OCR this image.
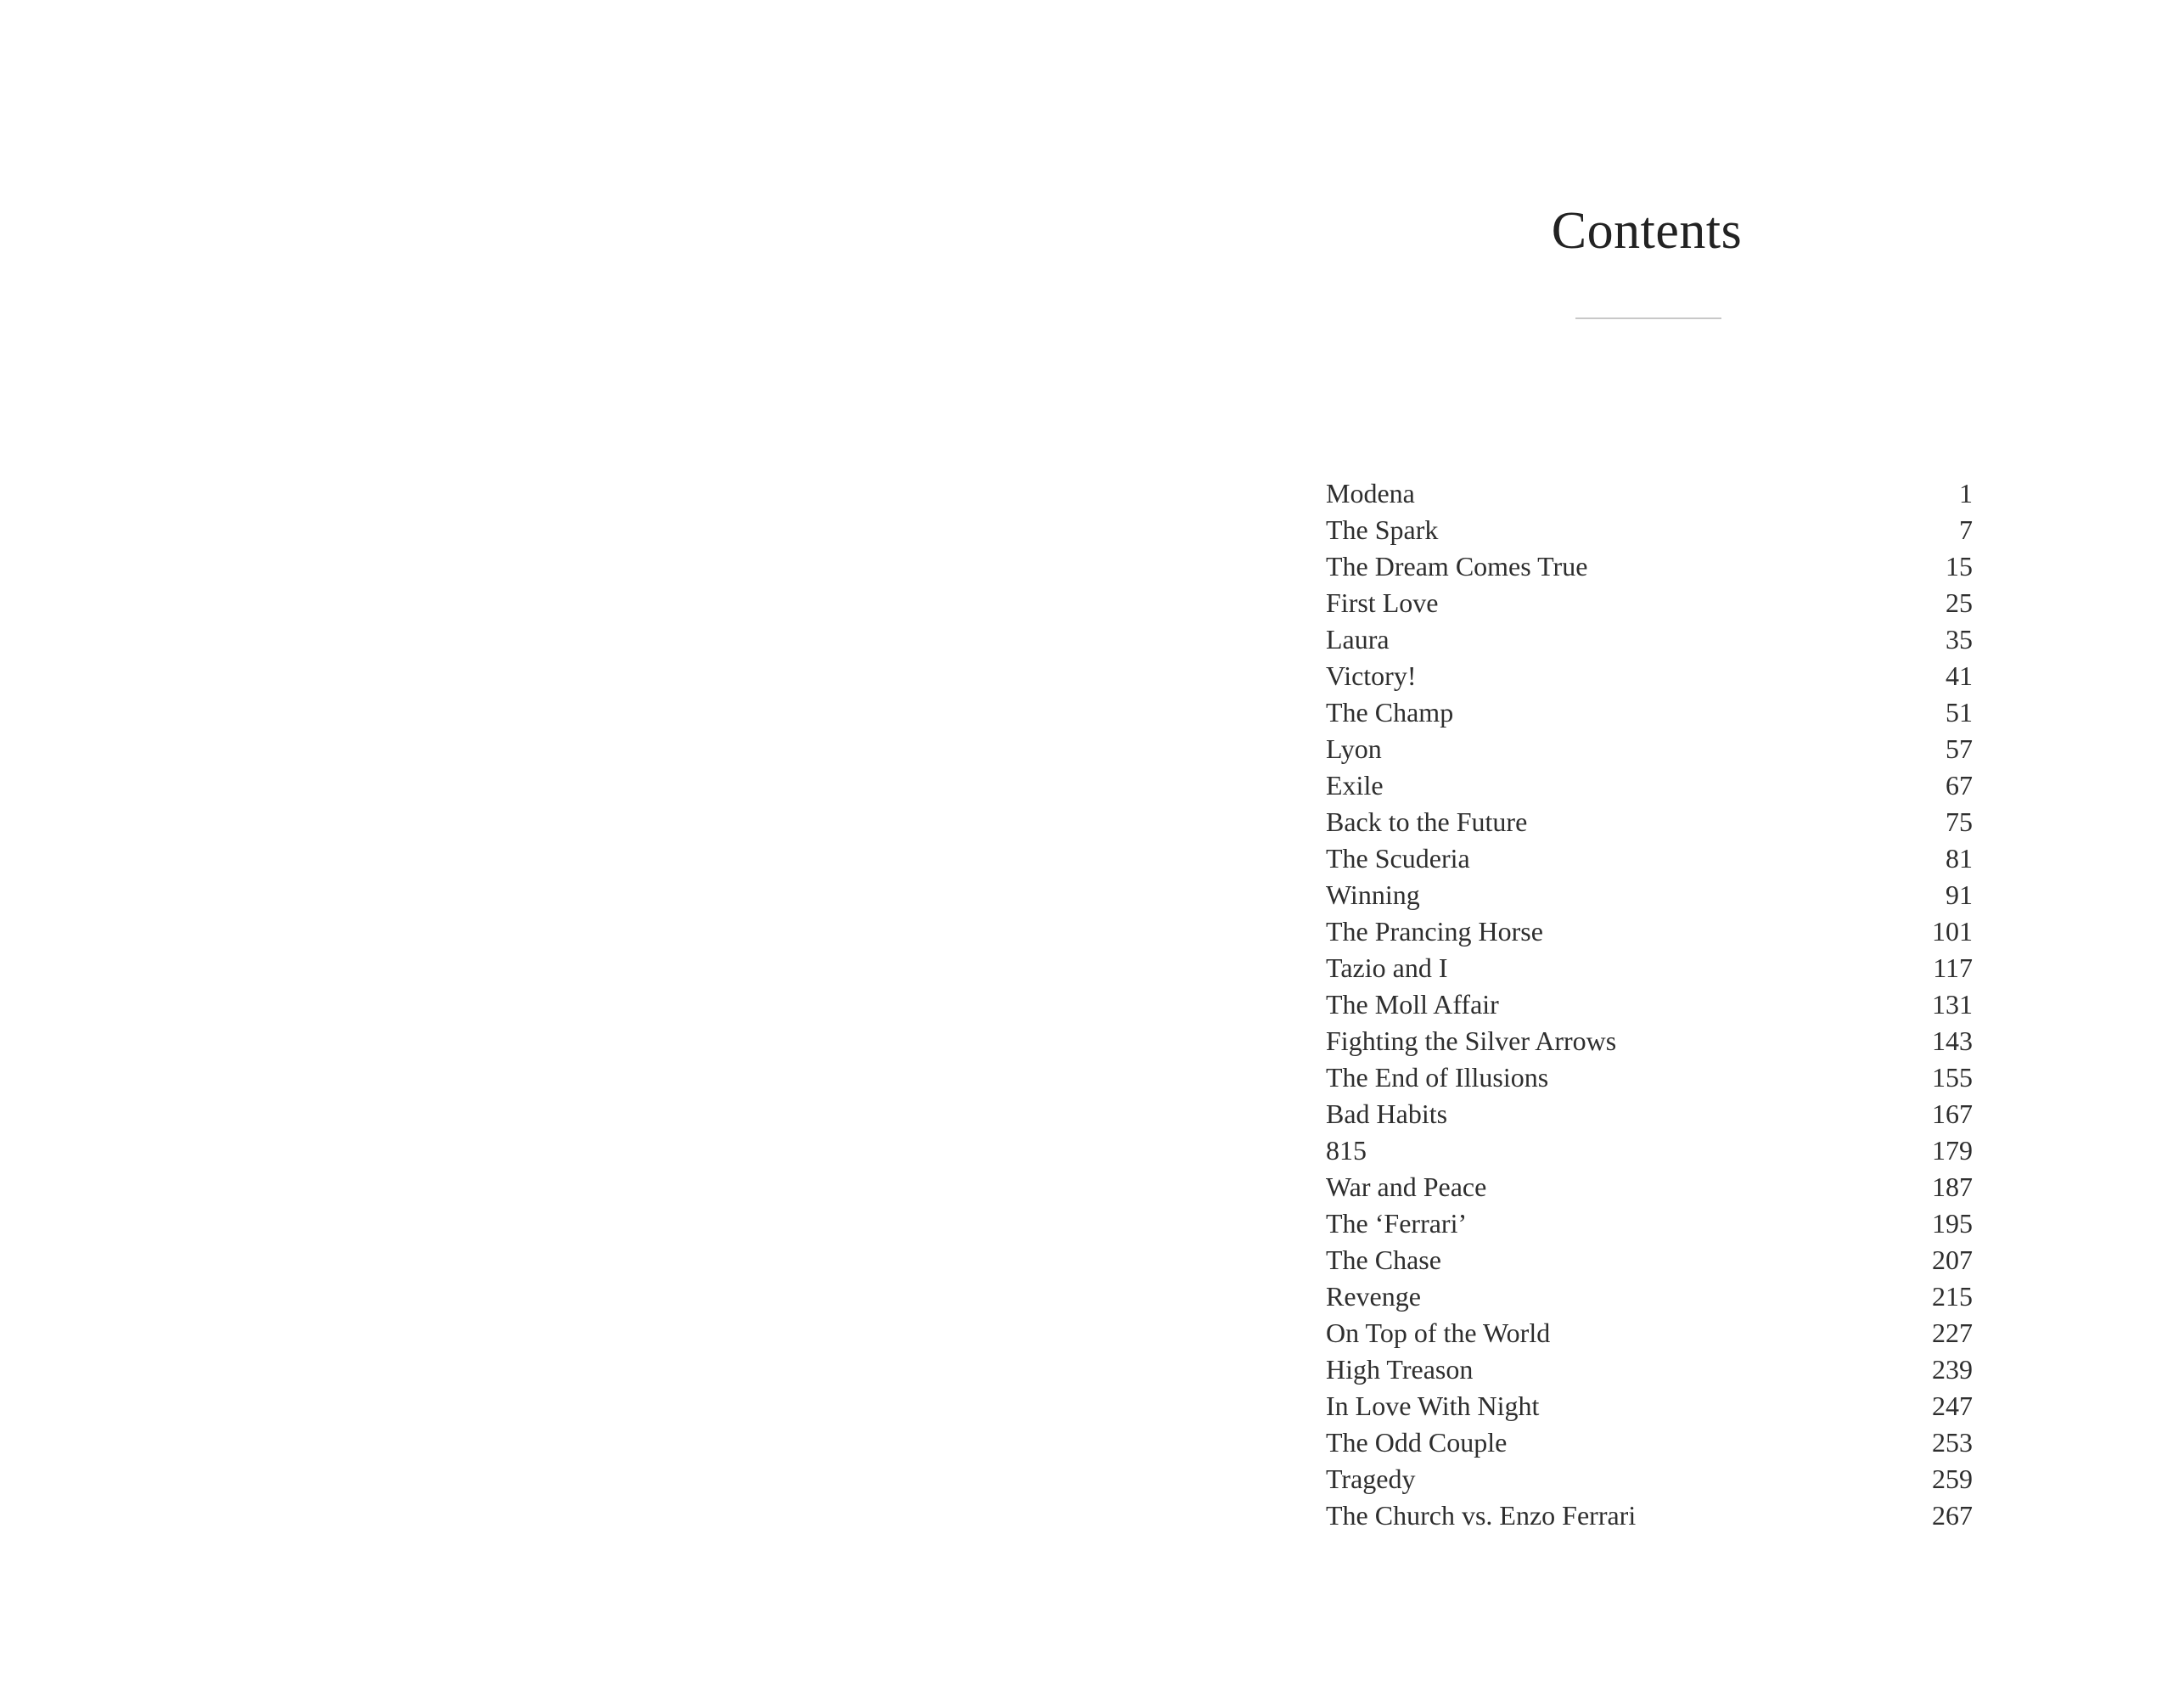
Contents
Modena	1
The Spark	7
The Dream Comes True	15
First Love	25
Laura	35
Victory!	41
The Champ	51
Lyon	57
Exile	67
Back to the Future	75
The Scuderia	81
Winning	91
The Prancing Horse	101
Tazio and I	117
The Moll Affair	131
Fighting the Silver Arrows	143
The End of Illusions	155
Bad Habits	167
815	179
War and Peace	187
The ‘Ferrari’	195
The Chase	207
Revenge	215
On Top of the World	227
High Treason	239
In Love With Night	247
The Odd Couple	253
Tragedy	259
The Church vs. Enzo Ferrari	267
